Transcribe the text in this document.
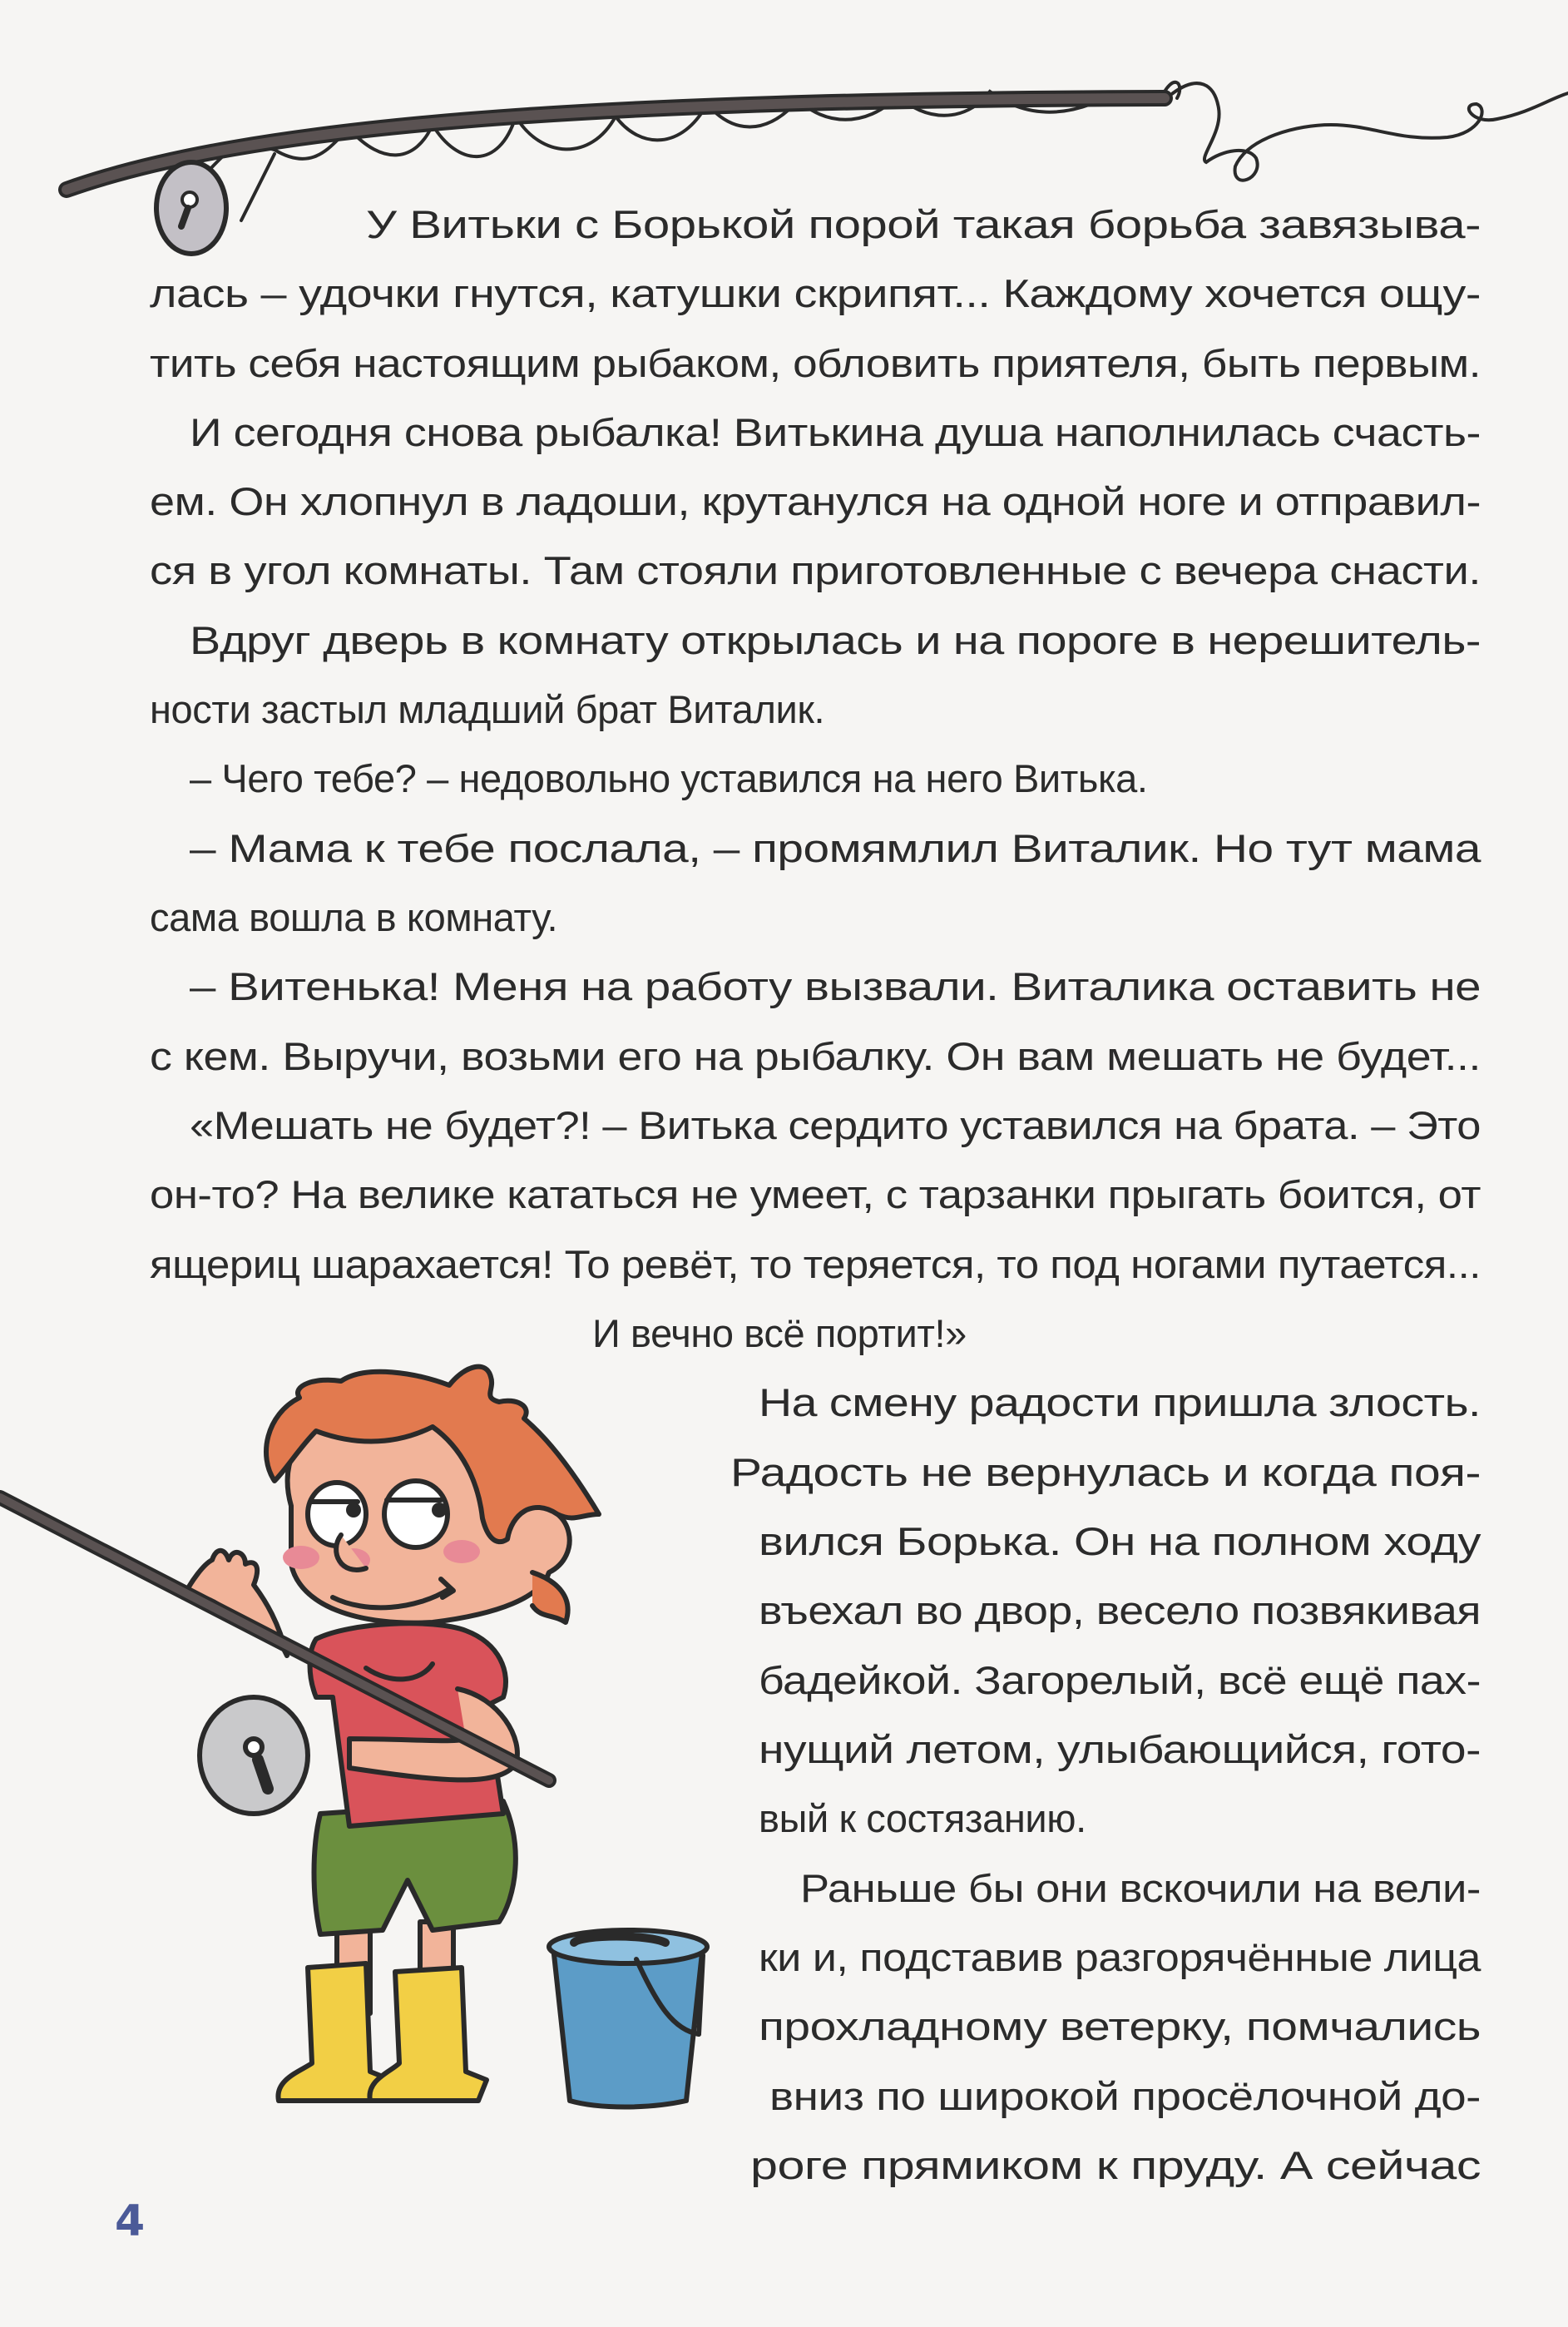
У Витьки с Борькой порой такая борьба завязыва-
лась – удочки гнутся, катушки скрипят... Каждому хочется ощу-
тить себя настоящим рыбаком, обловить приятеля, быть первым.
И сегодня снова рыбалка! Витькина душа наполнилась счасть-
ем. Он хлопнул в ладоши, крутанулся на одной ноге и отправил-
ся в угол комнаты. Там стояли приготовленные с вечера снасти.
Вдруг дверь в комнату открылась и на пороге в нерешитель-
ности застыл младший брат Виталик.
– Чего тебе? – недовольно уставился на него Витька.
– Мама к тебе послала, – промямлил Виталик. Но тут мама
сама вошла в комнату.
– Витенька! Меня на работу вызвали. Виталика оставить не
с кем. Выручи, возьми его на рыбалку. Он вам мешать не будет...
«Мешать не будет?! – Витька сердито уставился на брата. – Это
он-то? На велике кататься не умеет, с тарзанки прыгать боится, от
ящериц шарахается! То ревёт, то теряется, то под ногами путается...
И вечно всё портит!»
На смену радости пришла злость.
Радость не вернулась и когда поя-
вился Борька. Он на полном ходу
въехал во двор, весело позвякивая
бадейкой. Загорелый, всё ещё пах-
нущий летом, улыбающийся, гото-
вый к состязанию.
Раньше бы они вскочили на вели-
ки и, подставив разгорячённые лица
прохладному ветерку, помчались
вниз по широкой просёлочной до-
роге прямиком к пруду. А сейчас
4
